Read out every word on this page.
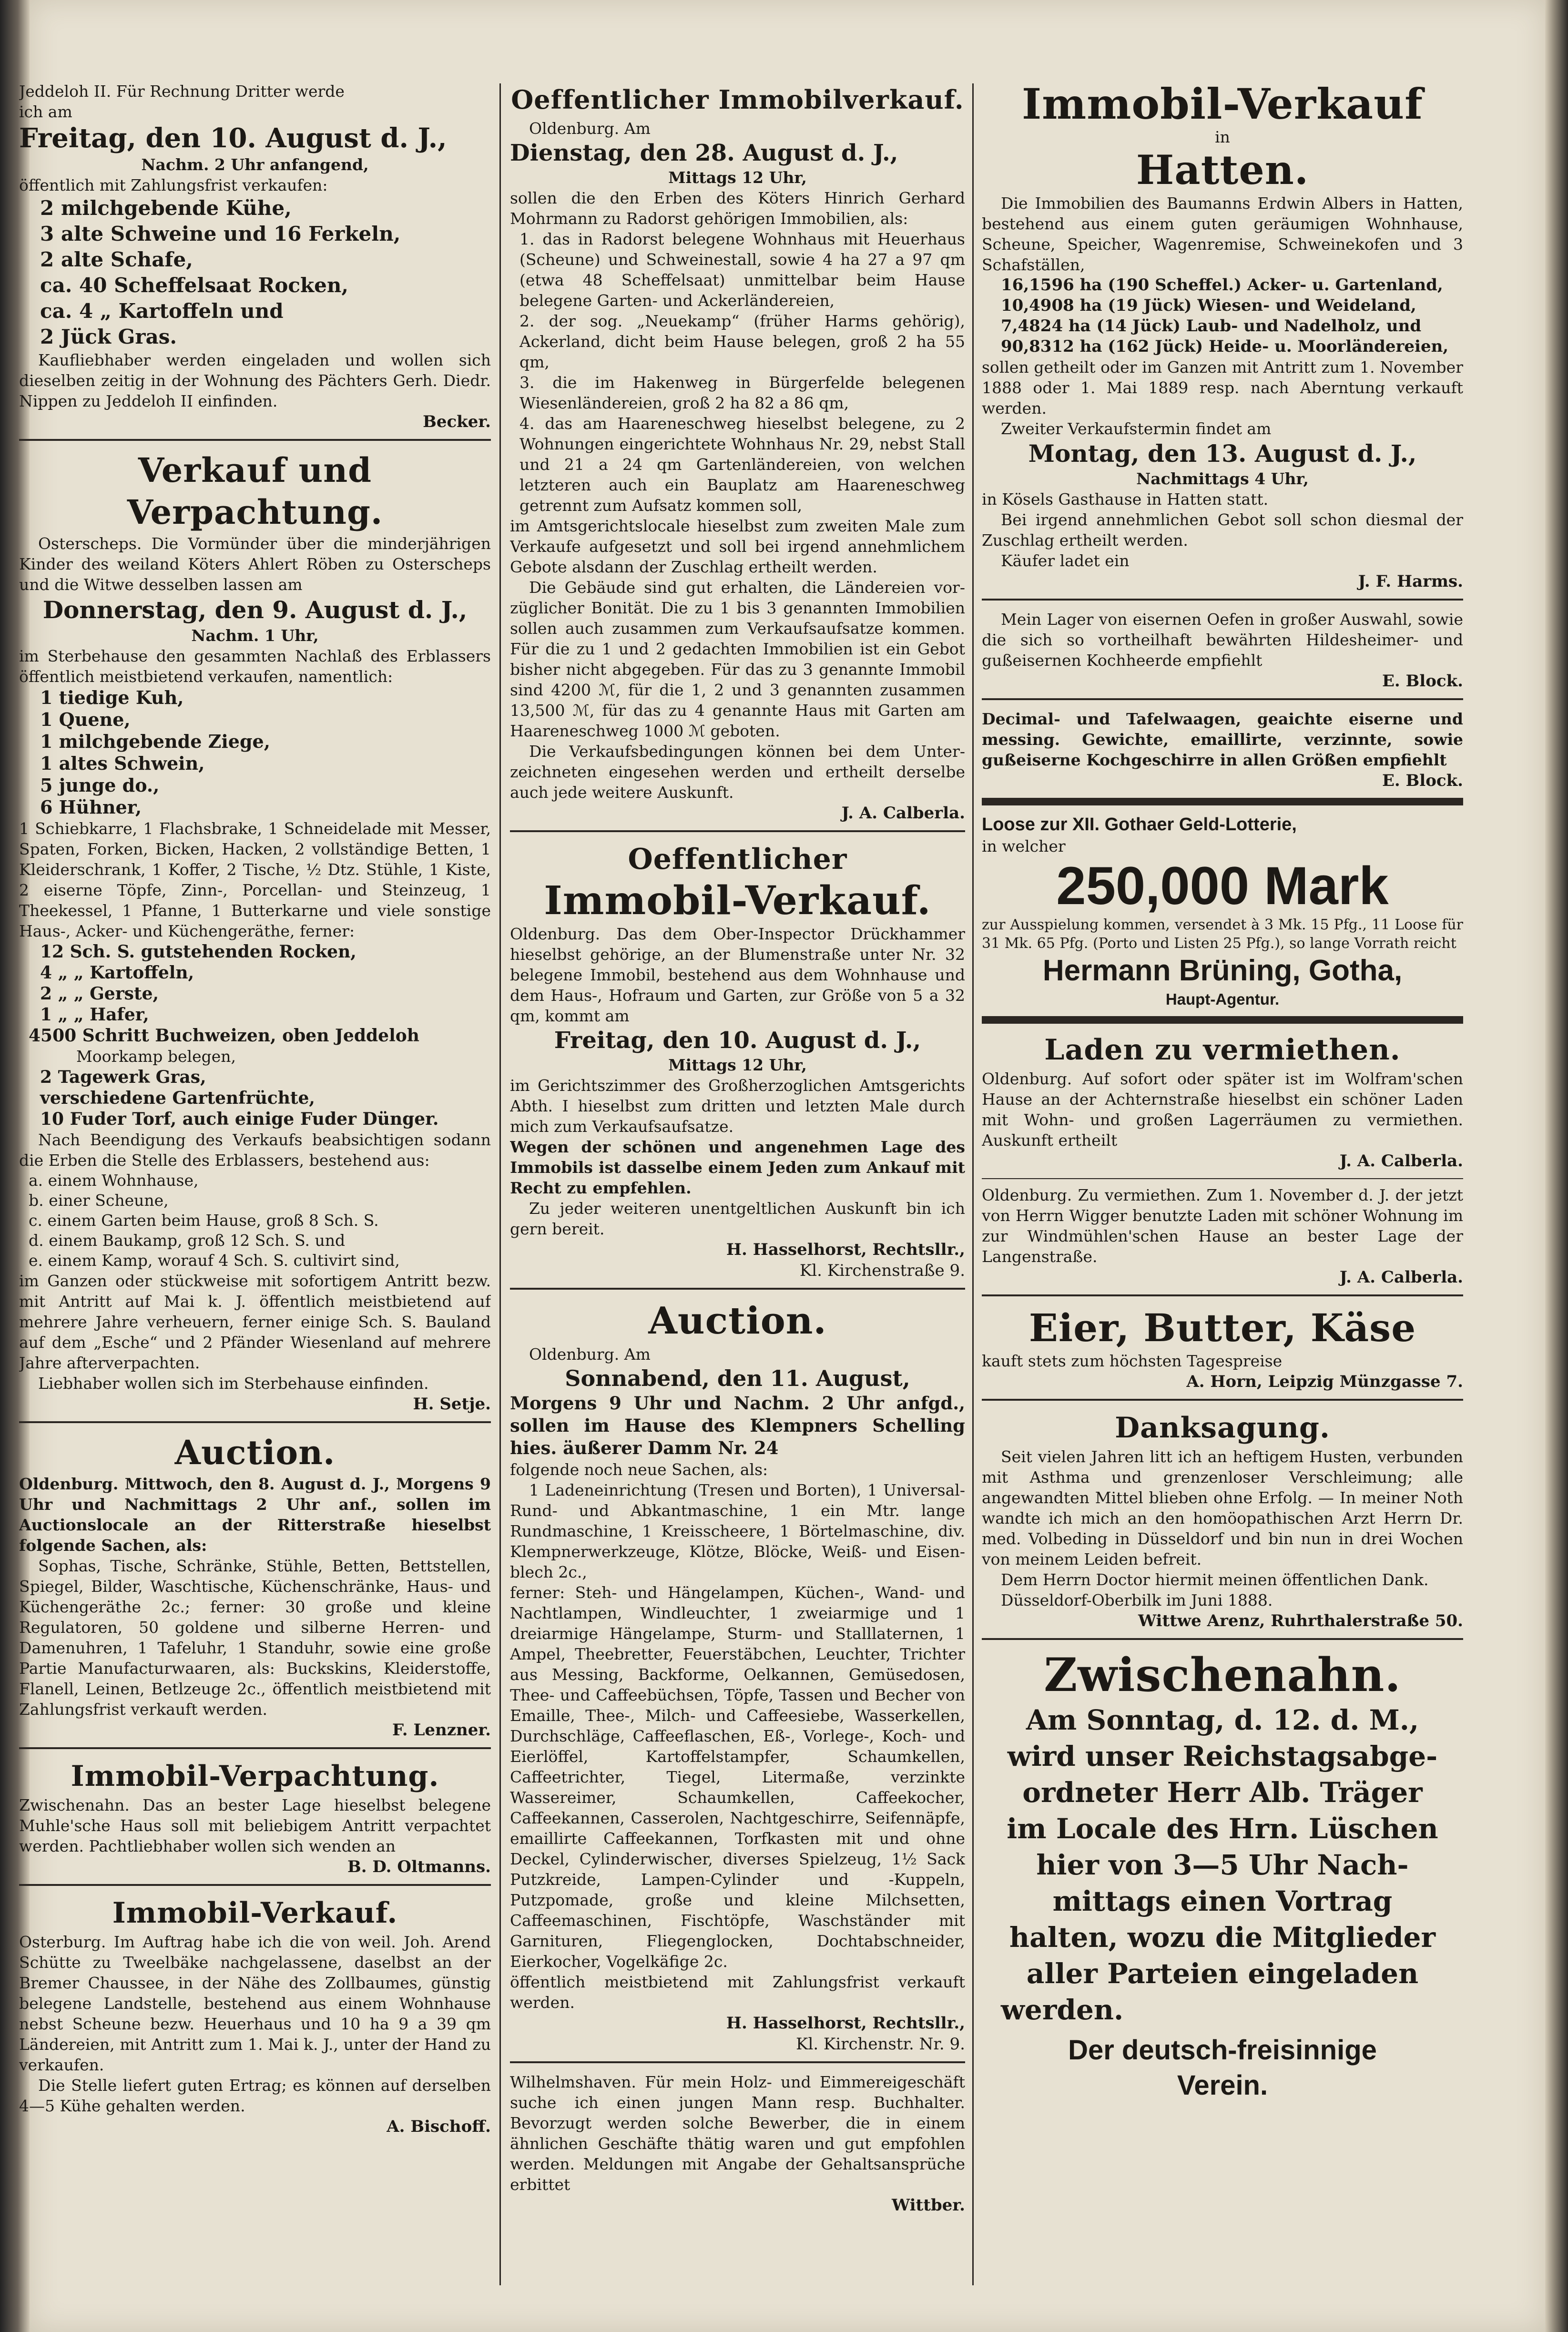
Jeddeloh II. Für Rechnung Dritter werde

ich am

Freitag, den 10. August d. J.,

Nachm. 2 Uhr anfangend,

öffentlich mit Zahlungsfrist verkaufen:

2 milchgebende Kühe,

3 alte Schweine und 16 Ferkeln,

2 alte Schafe,

ca. 40 Scheffelsaat Rocken,

ca. 4 „ Kartoffeln und

2 Jück Gras.

Kaufliebhaber werden eingeladen und wollen sich dieselben zeitig in der Wohnung des Pächters Gerh. Diedr. Nippen zu Jeddeloh II einfinden.

Becker.

Verkauf und Verpachtung.

Osterscheps. Die Vormünder über die minderjährigen Kinder des weiland Köters Ahlert Röben zu Osterscheps und die Witwe desselben lassen am

Donnerstag, den 9. August d. J.,

Nachm. 1 Uhr,

im Sterbehause den gesammten Nachlaß des Erblassers öffentlich meistbietend verkaufen, namentlich:

1 tiedige Kuh,

1 Quene,

1 milchgebende Ziege,

1 altes Schwein,

5 junge do.,

6 Hühner,

1 Schiebkarre, 1 Flachsbrake, 1 Schneidelade mit Messer, Spaten, Forken, Bicken, Hacken, 2 vollständige Betten, 1 Kleiderschrank, 1 Koffer, 2 Tische, ½ Dtz. Stühle, 1 Kiste, 2 eiserne Töpfe, Zinn-, Porcellan- und Steinzeug, 1 Theekessel, 1 Pfanne, 1 Butterkarne und viele sonstige Haus-, Acker- und Küchengeräthe, ferner:

12 Sch. S. gutstehenden Rocken,

4 „ „ Kartoffeln,

2 „ „ Gerste,

1 „ „ Hafer,

4500 Schritt Buchweizen, oben Jeddeloh

Moorkamp belegen,

2 Tagewerk Gras,

verschiedene Gartenfrüchte,

10 Fuder Torf, auch einige Fuder Dünger.

Nach Beendigung des Verkaufs beabsichtigen sodann die Erben die Stelle des Erblassers, bestehend aus:

a. einem Wohnhause,

b. einer Scheune,

c. einem Garten beim Hause, groß 8 Sch. S.

d. einem Baukamp, groß 12 Sch. S. und

e. einem Kamp, worauf 4 Sch. S. cultivirt sind,

im Ganzen oder stückweise mit sofortigem Antritt bezw. mit Antritt auf Mai k. J. öffentlich meistbietend auf mehrere Jahre verheuern, ferner einige Sch. S. Bauland auf dem „Esche“ und 2 Pfänder Wiesenland auf mehrere Jahre afterverpachten.

Liebhaber wollen sich im Sterbehause einfinden.

H. Setje.

Auction.

Oldenburg. Mittwoch, den 8. August d. J., Morgens 9 Uhr und Nachmittags 2 Uhr anf., sollen im Auctionslocale an der Ritterstraße hieselbst folgende Sachen, als:

Sophas, Tische, Schränke, Stühle, Betten, Bettstellen, Spiegel, Bilder, Waschtische, Küchenschränke, Haus- und Küchengeräthe 2c.; ferner: 30 große und kleine Regulatoren, 50 goldene und silberne Herren- und Damenuhren, 1 Tafeluhr, 1 Standuhr, sowie eine große Partie Manufacturwaaren, als: Buckskins, Kleiderstoffe, Flanell, Leinen, Betlzeuge 2c., öffentlich meistbietend mit Zahlungsfrist verkauft werden.

F. Lenzner.

Immobil-Verpachtung.

Zwischenahn. Das an bester Lage hieselbst belegene Muhle'sche Haus soll mit beliebigem Antritt verpachtet werden. Pachtliebhaber wollen sich wenden an

B. D. Oltmanns.

Immobil-Verkauf.

Osterburg. Im Auftrag habe ich die von weil. Joh. Arend Schütte zu Tweelbäke nachgelassene, daselbst an der Bremer Chaussee, in der Nähe des Zollbaumes, günstig belegene Landstelle, bestehend aus einem Wohnhause nebst Scheune bezw. Heuerhaus und 10 ha 9 a 39 qm Ländereien, mit Antritt zum 1. Mai k. J., unter der Hand zu verkaufen.

Die Stelle liefert guten Ertrag; es können auf derselben 4—5 Kühe gehalten werden.

A. Bischoff.

Oeffentlicher Immobilverkauf.

Oldenburg. Am

Dienstag, den 28. August d. J.,

Mittags 12 Uhr,

sollen die den Erben des Köters Hinrich Gerhard Mohrmann zu Radorst gehörigen Immobilien, als:

1. das in Radorst belegene Wohnhaus mit Heuerhaus (Scheune) und Schweinestall, sowie 4 ha 27 a 97 qm (etwa 48 Scheffelsaat) unmittelbar beim Hause belegene Garten- und Ackerländereien,

2. der sog. „Neuekamp“ (früher Harms gehörig), Ackerland, dicht beim Hause belegen, groß 2 ha 55 qm,

3. die im Hakenweg in Bürgerfelde belegenen Wiesenländereien, groß 2 ha 82 a 86 qm,

4. das am Haareneschweg hieselbst belegene, zu 2 Wohnungen eingerichtete Wohnhaus Nr. 29, nebst Stall und 21 a 24 qm Gartenländereien, von welchen letzteren auch ein Bauplatz am Haareneschweg getrennt zum Aufsatz kommen soll,

im Amtsgerichtslocale hieselbst zum zweiten Male zum Verkaufe aufgesetzt und soll bei irgend annehmlichem Gebote alsdann der Zuschlag ertheilt werden.

Die Gebäude sind gut erhalten, die Ländereien vorzüglicher Bonität. Die zu 1 bis 3 genannten Immobilien sollen auch zusammen zum Verkaufsaufsatze kommen. Für die zu 1 und 2 gedachten Immobilien ist ein Gebot bisher nicht abgegeben. Für das zu 3 genannte Immobil sind 4200 ℳ, für die 1, 2 und 3 genannten zusammen 13,500 ℳ, für das zu 4 genannte Haus mit Garten am Haareneschweg 1000 ℳ geboten.

Die Verkaufsbedingungen können bei dem Unterzeichneten eingesehen werden und ertheilt derselbe auch jede weitere Auskunft.

J. A. Calberla.

Oeffentlicher

Immobil-Verkauf.

Oldenburg. Das dem Ober-Inspector Drückhammer hieselbst gehörige, an der Blumenstraße unter Nr. 32 belegene Immobil, bestehend aus dem Wohnhause und dem Haus-, Hofraum und Garten, zur Größe von 5 a 32 qm, kommt am

Freitag, den 10. August d. J.,

Mittags 12 Uhr,

im Gerichtszimmer des Großherzoglichen Amtsgerichts Abth. I hieselbst zum dritten und letzten Male durch mich zum Verkaufsaufsatze.

Wegen der schönen und angenehmen Lage des Immobils ist dasselbe einem Jeden zum Ankauf mit Recht zu empfehlen.

Zu jeder weiteren unentgeltlichen Auskunft bin ich gern bereit.

H. Hasselhorst, Rechtsllr.,

Kl. Kirchenstraße 9.

Auction.

Oldenburg. Am

Sonnabend, den 11. August,

Morgens 9 Uhr und Nachm. 2 Uhr anfgd., sollen im Hause des Klempners Schelling hies. äußerer Damm Nr. 24

folgende noch neue Sachen, als:

1 Ladeneinrichtung (Tresen und Borten), 1 Universal-Rund- und Abkantmaschine, 1 ein Mtr. lange Rundmaschine, 1 Kreisscheere, 1 Börtelmaschine, div. Klempnerwerkzeuge, Klötze, Blöcke, Weiß- und Eisenblech 2c.,

ferner: Steh- und Hängelampen, Küchen-, Wand- und Nachtlampen, Windleuchter, 1 zweiarmige und 1 dreiarmige Hängelampe, Sturm- und Stalllaternen, 1 Ampel, Theebretter, Feuerstäbchen, Leuchter, Trichter aus Messing, Backforme, Oelkannen, Gemüsedosen, Thee- und Caffeebüchsen, Töpfe, Tassen und Becher von Emaille, Thee-, Milch- und Caffeesiebe, Wasserkellen, Durchschläge, Caffeeflaschen, Eß-, Vorlege-, Koch- und Eierlöffel, Kartoffelstampfer, Schaumkellen, Caffeetrichter, Tiegel, Litermaße, verzinkte Wassereimer, Schaumkellen, Caffeekocher, Caffeekannen, Casserolen, Nachtgeschirre, Seifennäpfe, emaillirte Caffeekannen, Torfkasten mit und ohne Deckel, Cylinderwischer, diverses Spielzeug, 1½ Sack Putzkreide, Lampen-Cylinder und -Kuppeln, Putzpomade, große und kleine Milchsetten, Caffeemaschinen, Fischtöpfe, Waschständer mit Garnituren, Fliegenglocken, Dochtabschneider, Eierkocher, Vogelkäfige 2c.

öffentlich meistbietend mit Zahlungsfrist verkauft werden.

H. Hasselhorst, Rechtsllr.,

Kl. Kirchenstr. Nr. 9.

Wilhelmshaven. Für mein Holz- und Eimmereigeschäft suche ich einen jungen Mann resp. Buchhalter. Bevorzugt werden solche Bewerber, die in einem ähnlichen Geschäfte thätig waren und gut empfohlen werden. Meldungen mit Angabe der Gehaltsansprüche erbittet

Wittber.

Immobil-Verkauf

in

Hatten.

Die Immobilien des Baumanns Erdwin Albers in Hatten, bestehend aus einem guten geräumigen Wohnhause, Scheune, Speicher, Wagenremise, Schweinekofen und 3 Schafställen,

16,1596 ha (190 Scheffel.) Acker- u. Gartenland,

10,4908 ha (19 Jück) Wiesen- und Weideland,

7,4824 ha (14 Jück) Laub- und Nadelholz, und

90,8312 ha (162 Jück) Heide- u. Moorländereien,

sollen getheilt oder im Ganzen mit Antritt zum 1. November 1888 oder 1. Mai 1889 resp. nach Aberntung verkauft werden.

Zweiter Verkaufstermin findet am

Montag, den 13. August d. J.,

Nachmittags 4 Uhr,

in Kösels Gasthause in Hatten statt.

Bei irgend annehmlichen Gebot soll schon diesmal der Zuschlag ertheilt werden.

Käufer ladet ein

J. F. Harms.

Mein Lager von eisernen Oefen in großer Auswahl, sowie die sich so vortheilhaft bewährten Hildesheimer- und gußeisernen Kochheerde empfiehlt

E. Block.

Decimal- und Tafelwaagen, geaichte eiserne und messing. Gewichte, emaillirte, verzinnte, sowie gußeiserne Kochgeschirre in allen Größen empfiehlt

E. Block.

Loose zur XII. Gothaer Geld-Lotterie,

in welcher

250,000 Mark

zur Ausspielung kommen, versendet à 3 Mk. 15 Pfg., 11 Loose für 31 Mk. 65 Pfg. (Porto und Listen 25 Pfg.), so lange Vorrath reicht

Hermann Brüning, Gotha,

Haupt-Agentur.

Laden zu vermiethen.

Oldenburg. Auf sofort oder später ist im Wolfram'schen Hause an der Achternstraße hieselbst ein schöner Laden mit Wohn- und großen Lagerräumen zu vermiethen. Auskunft ertheilt

J. A. Calberla.

Oldenburg. Zu vermiethen. Zum 1. November d. J. der jetzt von Herrn Wigger benutzte Laden mit schöner Wohnung im zur Windmühlen'schen Hause an bester Lage der Langenstraße.

J. A. Calberla.

Eier, Butter, Käse

kauft stets zum höchsten Tagespreise

A. Horn, Leipzig Münzgasse 7.

Danksagung.

Seit vielen Jahren litt ich an heftigem Husten, verbunden mit Asthma und grenzenloser Verschleimung; alle angewandten Mittel blieben ohne Erfolg. — In meiner Noth wandte ich mich an den homöopathischen Arzt Herrn Dr. med. Volbeding in Düsseldorf und bin nun in drei Wochen von meinem Leiden befreit.

Dem Herrn Doctor hiermit meinen öffentlichen Dank.

Düsseldorf-Oberbilk im Juni 1888.

Wittwe Arenz, Ruhrthalerstraße 50.

Zwischenahn.

Am Sonntag, d. 12. d. M.,

wird unser Reichstagsabge-

ordneter Herr Alb. Träger

im Locale des Hrn. Lüschen

hier von 3—5 Uhr Nach-

mittags einen Vortrag

halten, wozu die Mitglieder

aller Parteien eingeladen

werden.

Der deutsch-freisinnige

Verein.
